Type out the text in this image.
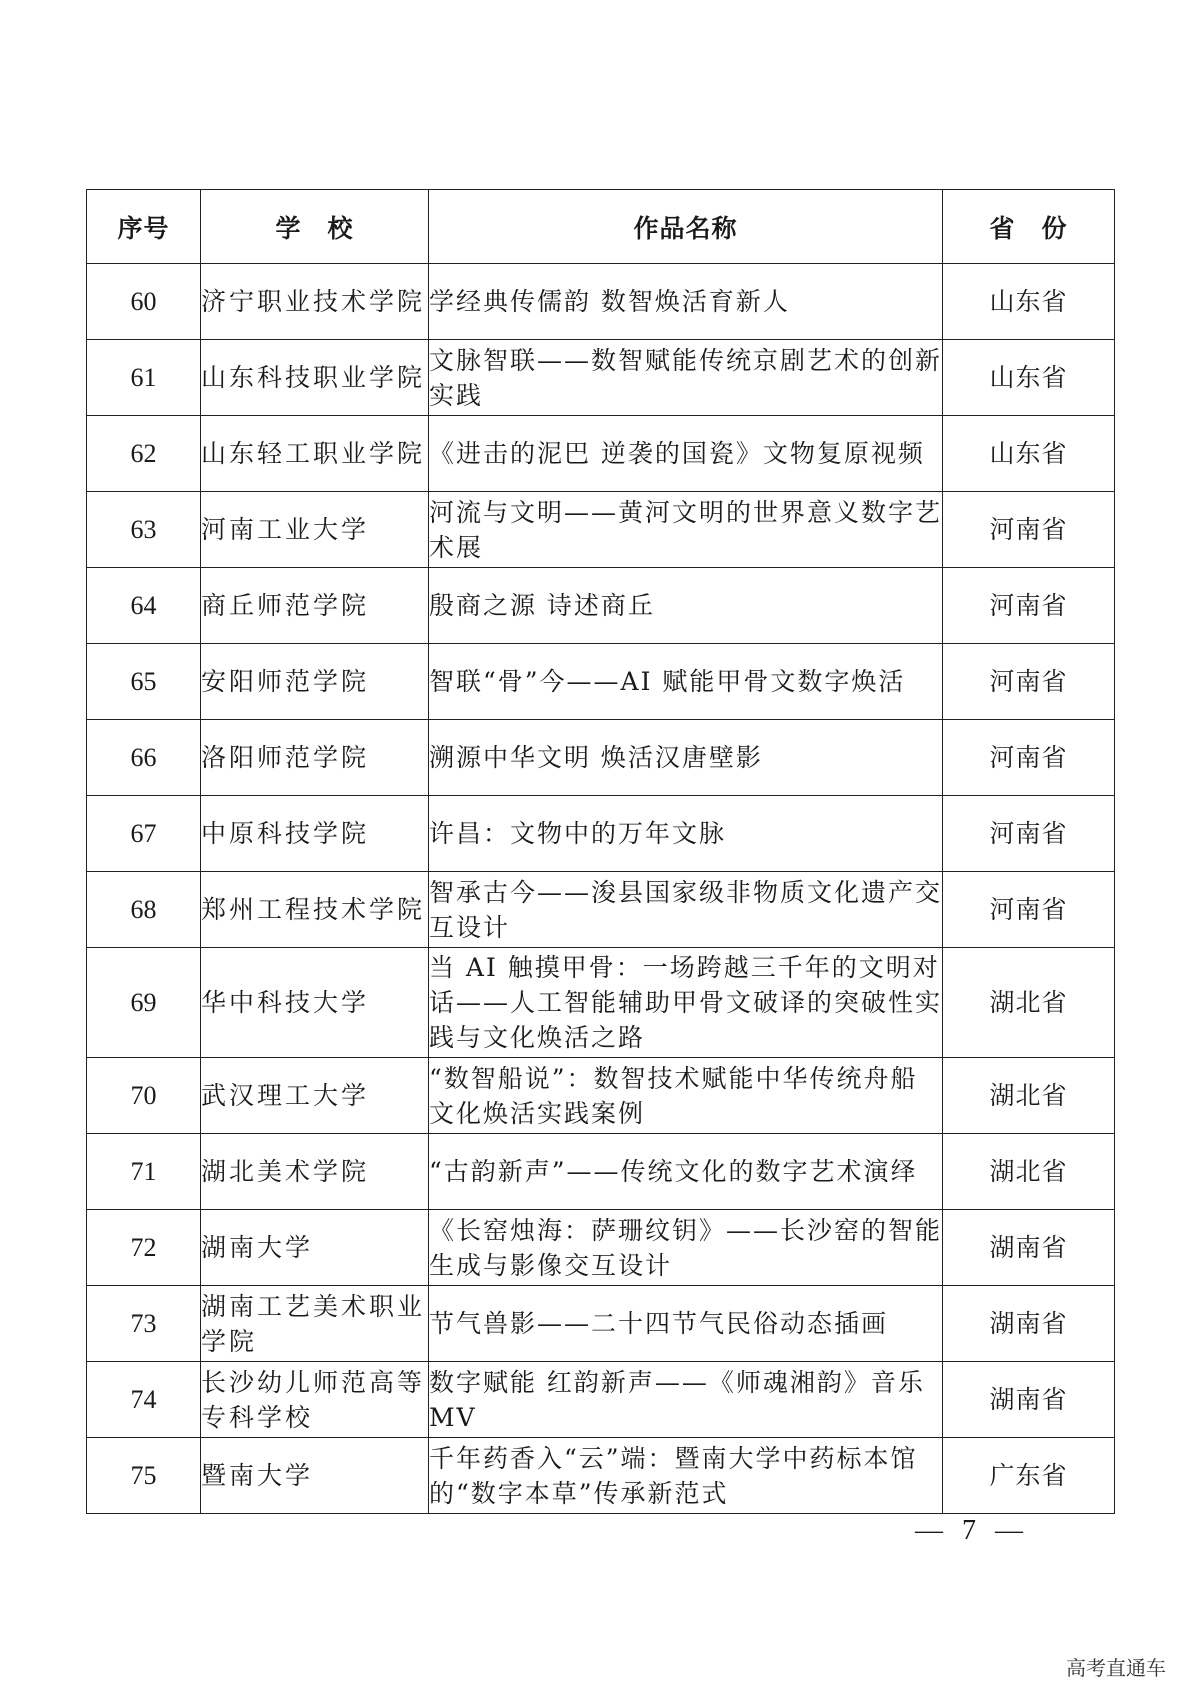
序号	学　校	作品名称	省　份
60	济宁职业技术学院	学经典传儒韵 数智焕活育新人	山东省
61	山东科技职业学院	文脉智联——数智赋能传统京剧艺术的创新实践	山东省
62	山东轻工职业学院	《进击的泥巴 逆袭的国瓷》文物复原视频	山东省
63	河南工业大学	河流与文明——黄河文明的世界意义数字艺术展	河南省
64	商丘师范学院	殷商之源 诗述商丘	河南省
65	安阳师范学院	智联“骨”今——AI 赋能甲骨文数字焕活	河南省
66	洛阳师范学院	溯源中华文明 焕活汉唐壁影	河南省
67	中原科技学院	许昌：文物中的万年文脉	河南省
68	郑州工程技术学院	智承古今——浚县国家级非物质文化遗产交互设计	河南省
69	华中科技大学	当 AI 触摸甲骨：一场跨越三千年的文明对话——人工智能辅助甲骨文破译的突破性实践与文化焕活之路	湖北省
70	武汉理工大学	“数智船说”：数智技术赋能中华传统舟船文化焕活实践案例	湖北省
71	湖北美术学院	“古韵新声”——传统文化的数字艺术演绎	湖北省
72	湖南大学	《长窑烛海：萨珊纹钥》——长沙窑的智能生成与影像交互设计	湖南省
73	湖南工艺美术职业学院	节气兽影——二十四节气民俗动态插画	湖南省
74	长沙幼儿师范高等专科学校	数字赋能 红韵新声——《师魂湘韵》音乐 MV	湖南省
75	暨南大学	千年药香入“云”端：暨南大学中药标本馆的“数字本草”传承新范式	广东省
— 7 —
高考直通车
